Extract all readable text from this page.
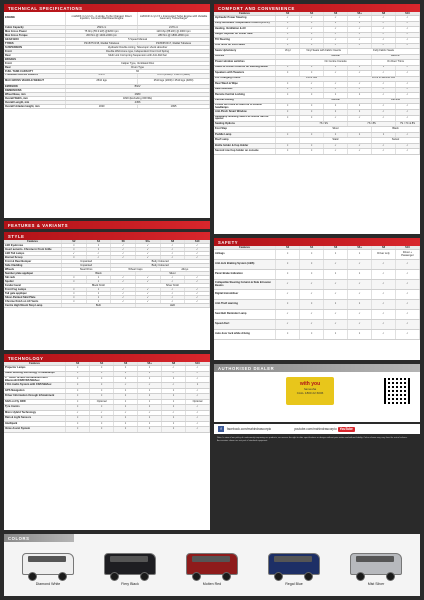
TECHNICAL SPECIFICATIONS
ENGINE	mHAWK 4 cyl 2.2 L, 4 stroke, Turbo Charged, Direct Injection, Common Rail Diesel Engine	m2DiCR 4 cyl 2.5 L Intercooled Turbo Engine with Variable Geometry Turbocharger
Cubic Capacity	2523 cc	2179 cc
Max Gross Power	75 bhp (55.3 kW) @3200 rpm	120 bhp (88 kW) @ 4000 rpm
Max Gross Torque	200 Nm @ 1400-2200 rpm	280 Nm @ 1800-2800 rpm
GEAR BOX	5 Speed Manual	
TYRES	P215/75 R15, Radial Tubeless	P235/65 R17, Radial Tubeless
SUSPENSION	Hydraulic Double Acting, Telescopic shock absorber	
Front	Double Wish-bone type, Independent Front Coil Spring	
Rear	Multi Link Coil spring Suspension with Anti-Roll bar	
BRAKES		
Front	Caliper Type, Ventilated Disc	
Rear	Drum Type	
FUEL TANK CAPACITY	60	
TURNING CIRCLE RADIUS	5.4 m	5.4 m (2WD) / 5.82 m (4WD)
MAX GROSS VEHICLE WEIGHT	2510 kgs	2510 kgs (2WD) / 2510 kgs (4WD)
EMISSION	BSIV	
DIMENSIONS		
Wheel Base, mm	2680	
Overall Width, mm	1820 (Excluding ORVMs)	
Overall Length, mm	4456	
Overall Unladen Height, mm	1930	1995
FEATURES & VARIANTS
STYLE
Features	S2	S4	S6	S6+	S8	S10
LED Eyebrows	×	×	✓	✓	✓	✓
Insert accents- Chrome in Front Grille	×	×	✓	✓	✓	✓
LED Tail Lamps	✓	✓	✓	✓	✓	✓
Bonnet Scoop	×	✓	✓	✓	✓	✓
Front & Rear Bumper	Unpainted		Body Coloured			
Side Cladding	Unpainted		Body Coloured			
Wheels	Steel Rims		Wheel Caps		Alloys	
Number plate appliqué	Black			Silver		
Ski rack	×	×	✓	✓	✓	✓
Spoiler	×	×	✓	✓	✓	✓
Fender bezel	Black finish			Silver finish		
Front Fog Lamps	×	×	✓	✓	✓	✓
Tail gate appliqué	×	×	✓	✓	✓	✓
Silver-Painted Skid Plate	×	×	✓	✓	✓	✓
Chrome finish on AC Vents	×	×	✓	✓	✓	✓
Centre High Mount Stop Lamp	Bulb			LED		
TECHNOLOGY
Features	S2	S4	S6	S6+	S8	S10
Projector Lamps	×	×	×	×	✓	✓
Static bending technology in headlamps	×	×	×	×	✓	✓
6" Touch Screen Infotainment with Bluetooth/CD/DVD/USB/Aux	×	×	×	×	×	✓
2 Din Audio System with CD/USB/Aux	×	×	✓	✓	✓	×
GPS Navigation	×	×	×	×	×	✓
Driver Information through Infotainment	×	×	×	×	×	✓
Shift on Fly 4WD	×	Optional	×	×	×	Optional
Tyre tronics	×	×	×	×	×	✓
Micro Hybrid Technology	✓	✓	✓	✓	✓	✓
Rain & Light Sensors	×	×	×	×	×	✓
Intellipark	×	×	×	×	×	✓
Voice Assist System	×	×	×	×	×	✓
COMFORT AND CONVENIENCE
Features	S2	S4	S6	S6+	S8	S10
Hydraulic Power Steering	✓	✓	✓	✓	✓	✓
Fully Automatic Temperature Control (FATC)	×	×	×	×	✓	✓
Heating, Ventilation & AC	✓	✓	✓	✓	✓	✓
Height Adjuster on Driver Seat	×	×	✓	✓	✓	✓
Tilt Steering	✓	✓	✓	✓	✓	✓
Arm rests on front seats	×	×	✓	✓	✓	✓
Seats Upholstery	Vinyl	Vinyl Seats with Fabric Inserts		Fully Fabric Seats		
ORVMs		Manual			Electric	
Power window switches		On Centre Console			On Door Trims	
Audio & Cruise Controls on steering wheel	×	×	×	×	×	✓
Speakers with Tweeters	×	×	✓	✓	✓	✓
12V Charging Points	Front row			Front & Second row		
Rear Wash & Wipe	×	✓	✓	✓	✓	✓
Rear Demister	×	✓	✓	✓	✓	✓
Remote Central Locking	×	×	×	×	✓	✓
Central locking		Manual			Remote	
Follow me home & Lead me to vehicle headlamps	×	×	×	×	✓	✓
Anti-Pinch Smart Window	×	×	×	×	✓	✓
Headlamp levelling switch & remote fuel lid opener	×	×	✓	✓	✓	✓
Seating Options		7S / 9S		7S / 8S		7S / 7C & 8S
Foot Step		Silver			Black	
Puddle Lamp	×	×	×	×	×	✓
Roof Lamp		Static			Swivel	
Bottle holder & Cup Holder	×	×	✓	✓	✓	✓
Second row Cup holder on console	×	×	✓	✓	✓	✓
SAFETY
Features	S2	S4	S6	S6+	S8	S10
Airbags	×	×	×	×	Driver only	Driver + Passenger
Anti-lock Braking System (ABS)	×	×	✓	✓	✓	✓
Panic Brake Indication	×	×	×	×	✓	✓
Collapsible Steering Column & Side Intrusion Beams	✓	✓	✓	✓	✓	✓
Digital Immobiliser	✓	✓	✓	✓	✓	✓
Anti-Theft warning	×	×	×	×	✓	✓
Seat Belt Reminder Lamp	✓	✓	✓	✓	✓	✓
Speed Alert	✓	✓	✓	✓	✓	✓
Auto door lock while driving	×	×	×	×	✓	✓
AUTHORISED DEALER
with you
hamesha
CALL 1800 22 6006
f facebook.com/mahindrascorpio	youtube.com/mahindrascorpio YouTube
Note: In view of our policy of continuously improving our products, we reserve the right to alter specifications or designs without prior notice and without liability. Colors shown may vary from the actual colours. Accessories shown are not part of standard equipment.
COLORS
Diamond White	Fiery Black	Molten Red	Regal Blue	Mist Silver
